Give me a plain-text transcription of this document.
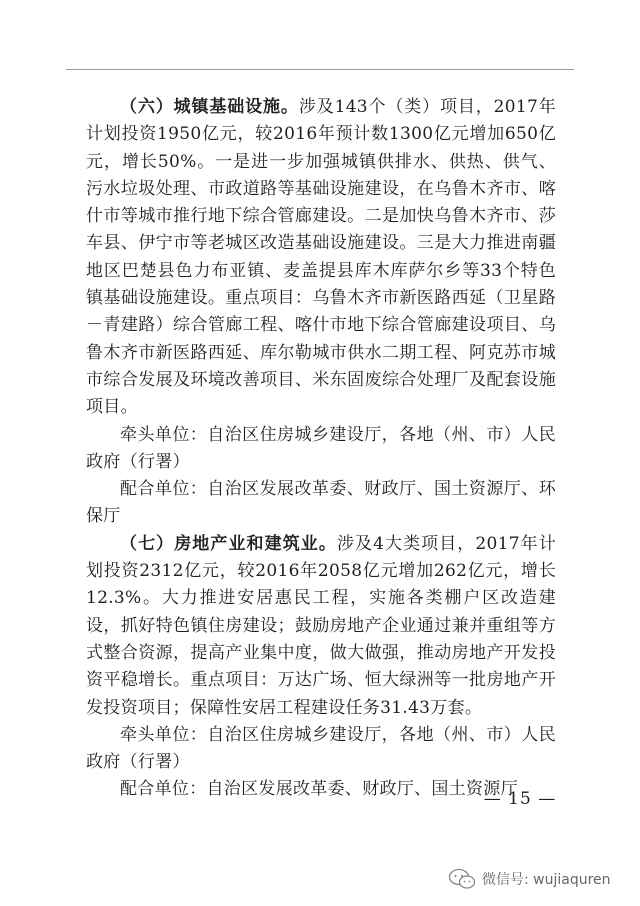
（六）城镇基础设施。涉及143个（类）项目，2017年计划投资1950亿元，较2016年预计数1300亿元增加650亿元，增长50%。一是进一步加强城镇供排水、供热、供气、污水垃圾处理、市政道路等基础设施建设，在乌鲁木齐市、喀什市等城市推行地下综合管廊建设。二是加快乌鲁木齐市、莎车县、伊宁市等老城区改造基础设施建设。三是大力推进南疆地区巴楚县色力布亚镇、麦盖提县库木库萨尔乡等33个特色镇基础设施建设。重点项目：乌鲁木齐市新医路西延（卫星路－青建路）综合管廊工程、喀什市地下综合管廊建设项目、乌鲁木齐市新医路西延、库尔勒城市供水二期工程、阿克苏市城市综合发展及环境改善项目、米东固废综合处理厂及配套设施项目。

牵头单位：自治区住房城乡建设厅，各地（州、市）人民政府（行署）

配合单位：自治区发展改革委、财政厅、国土资源厅、环保厅

（七）房地产业和建筑业。涉及4大类项目，2017年计划投资2312亿元，较2016年2058亿元增加262亿元，增长12.3%。大力推进安居惠民工程，实施各类棚户区改造建设，抓好特色镇住房建设；鼓励房地产企业通过兼并重组等方式整合资源，提高产业集中度，做大做强，推动房地产开发投资平稳增长。重点项目：万达广场、恒大绿洲等一批房地产开发投资项目；保障性安居工程建设任务31.43万套。

牵头单位：自治区住房城乡建设厅，各地（州、市）人民政府（行署）

配合单位：自治区发展改革委、财政厅、国土资源厅

— 15 —
微信号: wujiaquren
